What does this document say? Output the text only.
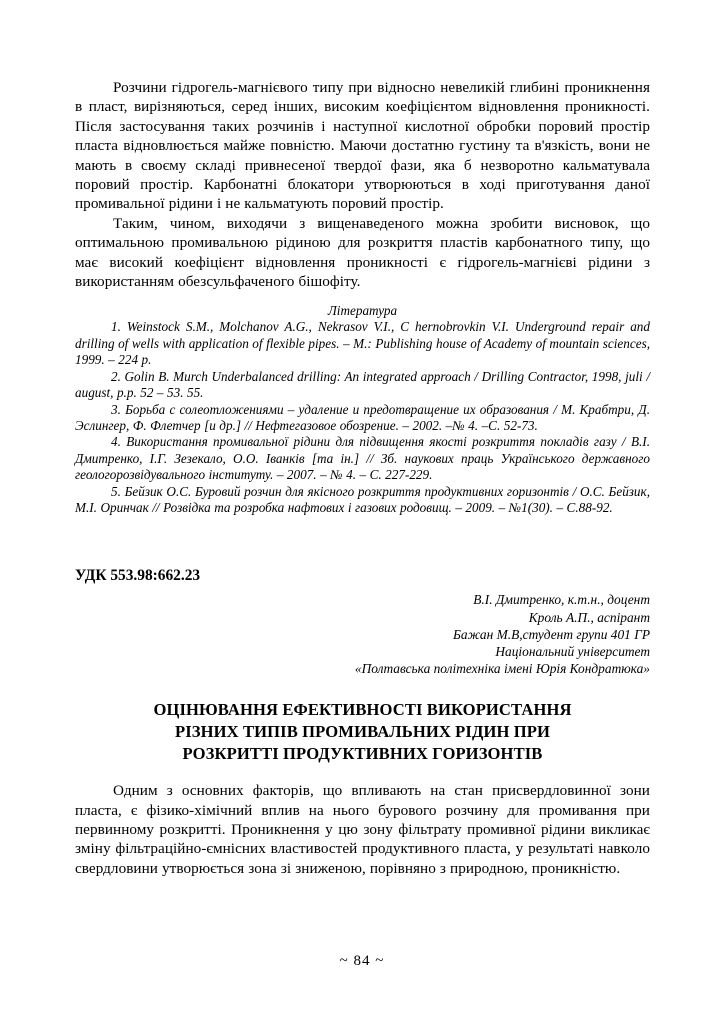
Розчини гідрогель-магнієвого типу при відносно невеликій глибині проникнення в пласт, вирізняються, серед інших, високим коефіцієнтом відновлення проникності. Після застосування таких розчинів і наступної кислотної обробки поровий простір пласта відновлюється майже повністю. Маючи достатню густину та в'язкість, вони не мають в своєму складі привнесеної твердої фази, яка б незворотно кальматувала поровий простір. Карбонатні блокатори утворюються в ході приготування даної промивальної рідини і не кальматують поровий простір.

Таким, чином, виходячи з вищенаведеного можна зробити висновок, що оптимальною промивальною рідиною для розкриття пластів карбонатного типу, що має високий коефіцієнт відновлення проникності є гідрогель-магнієві рідини з використанням обезсульфаченого бішофіту.

Література

1. Weinstock S.M., Molchanov A.G., Nekrasov V.I., C hernobrovkin V.I. Underground repair and drilling of wells with application of flexible pipes. – M.: Publishing house of Academy of mountain sciences, 1999. – 224 p.

2. Golin B. Murch Underbalanced drilling: An integrated approach / Drilling Contractor, 1998, juli / august, p.p. 52 – 53. 55.

3. Борьба с солеотложениями – удаление и предотвращение их образования / М. Крабтри, Д. Эслингер, Ф. Флетчер [и др.] // Нефтегазовое обозрение. – 2002. –№ 4. –С. 52-73.

4. Використання промивальної рідини для підвищення якості розкриття покладів газу / В.І. Дмитренко, І.Г. Зезекало, О.О. Іванків [та ін.] // Зб. наукових праць Українського державного геологорозвідувального інституту. – 2007. – № 4. – С. 227-229.

5. Бейзик О.С. Буровий розчин для якісного розкриття продуктивних горизонтів / О.С. Бейзик, М.І. Оринчак // Розвідка та розробка нафтових і газових родовищ. – 2009. – №1(30). – С.88-92.

УДК 553.98:662.23

В.І. Дмитренко, к.т.н., доцент

Кроль А.П., аспірант

Бажан М.В,студент групи 401 ГР

Національний університет

«Полтавська політехніка імені Юрія Кондратюка»

ОЦІНЮВАННЯ ЕФЕКТИВНОСТІ ВИКОРИСТАННЯ
РІЗНИХ ТИПІВ ПРОМИВАЛЬНИХ РІДИН ПРИ
РОЗКРИТТІ ПРОДУКТИВНИХ ГОРИЗОНТІВ

Одним з основних факторів, що впливають на стан присвердловинної зони пласта, є фізико-хімічний вплив на нього бурового розчину для промивання при первинному розкритті. Проникнення у цю зону фільтрату промивної рідини викликає зміну фільтраційно-ємнісних властивостей продуктивного пласта, у результаті навколо свердловини утворюється зона зі зниженою, порівняно з природною, проникністю.

~ 84 ~
